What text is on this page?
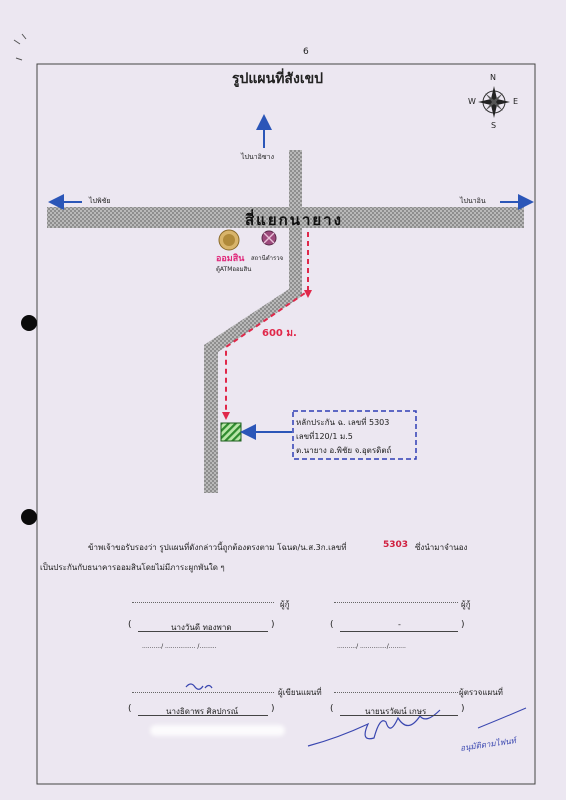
6
รูปแผนที่สังเขป	N
S
W	E
ไปนาอิซาง
ไปพิชัย	ไปนาอิน
สี่แยกนายาง
ออมสิน
ตู้ATMออมสิน
สถานีตำรวจ
600 ม.
หลักประกัน ฉ. เลขที่ 5303
เลขที่120/1 ม.5
ต.นายาง อ.พิชัย จ.อุตรดิตถ์
ข้าพเจ้าขอรับรองว่า รูปแผนที่ดังกล่าวนี้ถูกต้องตรงตาม โฉนด/น.ส.3ก.เลขที่	5303 ซึ่งนำมาจำนอง
เป็นประกันกับธนาคารออมสินโดยไม่มีภาระผูกพันใด ๆ
ผู้กู้	ผู้กู้
(	นางวันดี ทองพาด	)	(	-	)
........../ ................ /.........	........../ ............../.........
ผู้เขียนแผนที่	ผู้ตรวจแผนที่
(	นางธิดาพร ศิลปกรณ์	)	(	นายนรวัฒน์ เกษร	)
อนุมัติตามไฟนท์
